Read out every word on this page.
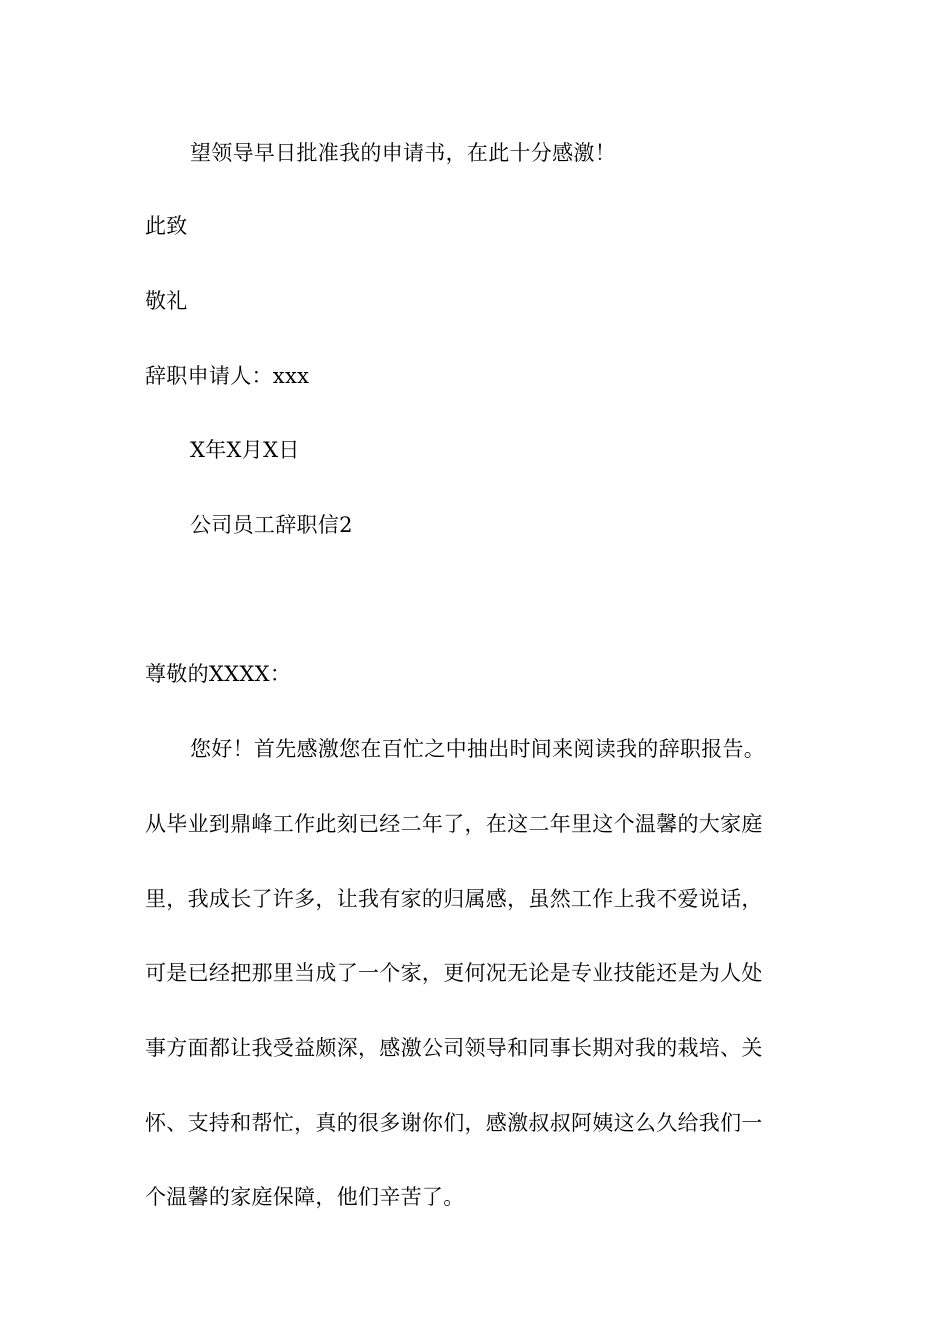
望领导早日批准我的申请书，在此十分感激！
此致
敬礼
辞职申请人：xxx
X年X月X日
公司员工辞职信2
尊敬的XXXX：
您好！首先感激您在百忙之中抽出时间来阅读我的辞职报告。
从毕业到鼎峰工作此刻已经二年了，在这二年里这个温馨的大家庭
里，我成长了许多，让我有家的归属感，虽然工作上我不爱说话，
可是已经把那里当成了一个家，更何况无论是专业技能还是为人处
事方面都让我受益颇深，感激公司领导和同事长期对我的栽培、关
怀、支持和帮忙，真的很多谢你们，感激叔叔阿姨这么久给我们一
个温馨的家庭保障，他们辛苦了。
